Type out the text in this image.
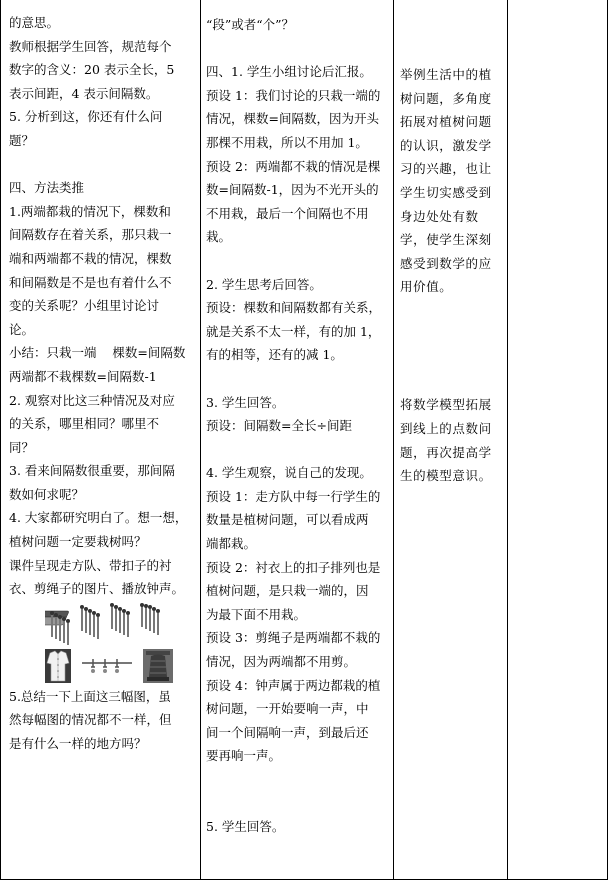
的意思。

教师根据学生回答，规范每个

数字的含义：20 表示全长，5

表示间距，4 表示间隔数。

5. 分析到这，你还有什么问

题？

四、方法类推

1.两端都栽的情况下，棵数和

间隔数存在着关系，那只栽一

端和两端都不栽的情况，棵数

和间隔数是不是也有着什么不

变的关系呢？小组里讨论讨

论。

小结：只栽一端    棵数=间隔数

两端都不栽棵数=间隔数-1

2. 观察对比这三种情况及对应

的关系，哪里相同？哪里不

同？

3. 看来间隔数很重要，那间隔

数如何求呢？

4. 大家都研究明白了。想一想，

植树问题一定要栽树吗？

课件呈现走方队、带扣子的衬

衣、剪绳子的图片、播放钟声。

5.总结一下上面这三幅图，虽

然每幅图的情况都不一样，但

是有什么一样的地方吗？

“段”或者“个”？

四、1. 学生小组讨论后汇报。

预设 1：我们讨论的只栽一端的

情况，棵数=间隔数，因为开头

那棵不用栽，所以不用加 1。

预设 2：两端都不栽的情况是棵

数=间隔数-1，因为不光开头的

不用栽，最后一个间隔也不用

栽。

2. 学生思考后回答。

预设：棵数和间隔数都有关系，

就是关系不太一样，有的加 1，

有的相等，还有的减 1。

3. 学生回答。

预设：间隔数=全长÷间距

4. 学生观察，说自己的发现。

预设 1：走方队中每一行学生的

数量是植树问题，可以看成两

端都栽。

预设 2：衬衣上的扣子排列也是

植树问题，是只栽一端的，因

为最下面不用栽。

预设 3：剪绳子是两端都不栽的

情况，因为两端都不用剪。

预设 4：钟声属于两边都栽的植

树问题，一开始要响一声，中

间一个间隔响一声，到最后还

要再响一声。

5. 学生回答。

举例生活中的植

树问题，多角度

拓展对植树问题

的认识，激发学

习的兴趣，也让

学生切实感受到

身边处处有数

学，使学生深刻

感受到数学的应

用价值。

将数学模型拓展

到线上的点数问

题，再次提高学

生的模型意识。
